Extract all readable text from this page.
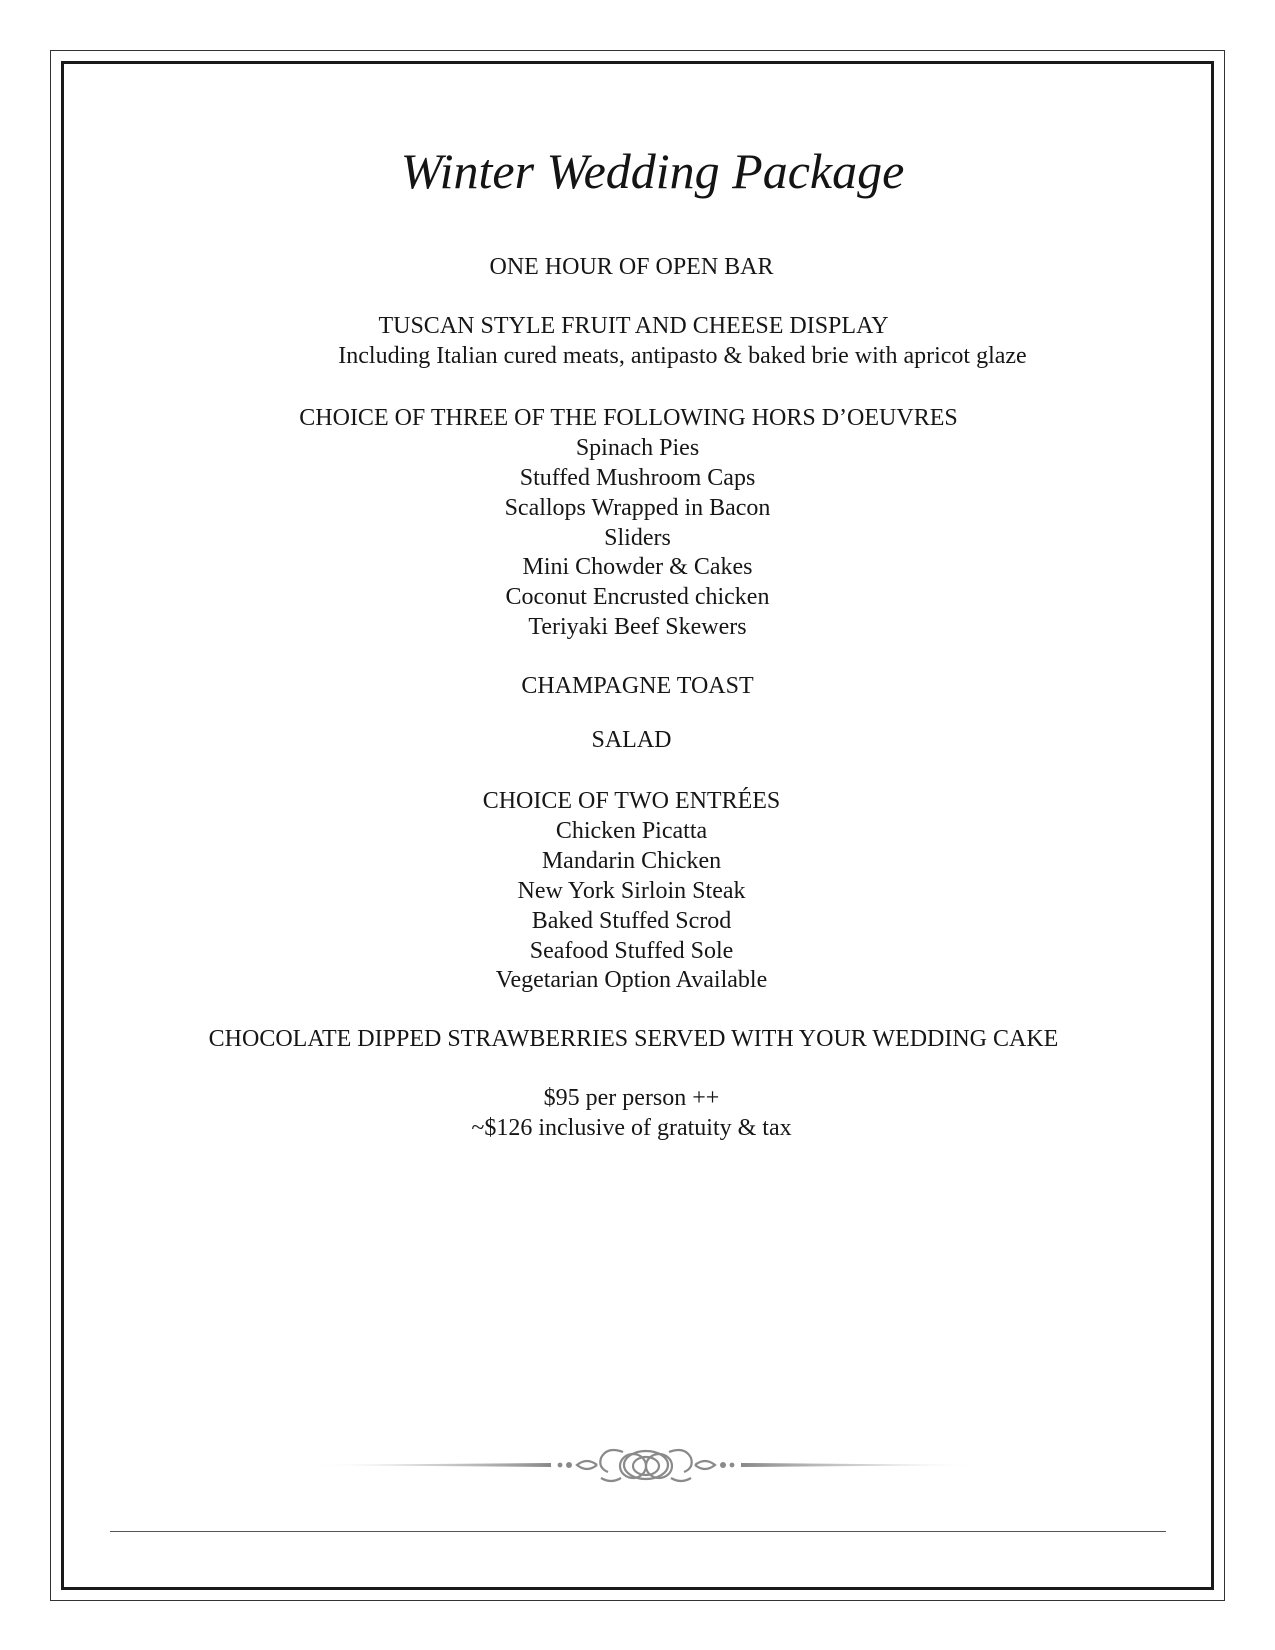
Winter Wedding Package
ONE HOUR OF OPEN BAR
TUSCAN STYLE FRUIT AND CHEESE DISPLAY
Including Italian cured meats, antipasto & baked brie with apricot glaze
CHOICE OF THREE OF THE FOLLOWING HORS D’OEUVRES
Spinach Pies
Stuffed Mushroom Caps
Scallops Wrapped in Bacon
Sliders
Mini Chowder & Cakes
Coconut Encrusted chicken
Teriyaki Beef Skewers
CHAMPAGNE TOAST
SALAD
CHOICE OF TWO ENTRÉES
Chicken Picatta
Mandarin Chicken
New York Sirloin Steak
Baked Stuffed Scrod
Seafood Stuffed Sole
Vegetarian Option Available
CHOCOLATE DIPPED STRAWBERRIES SERVED WITH YOUR WEDDING CAKE
$95 per person ++
~$126 inclusive of gratuity & tax
